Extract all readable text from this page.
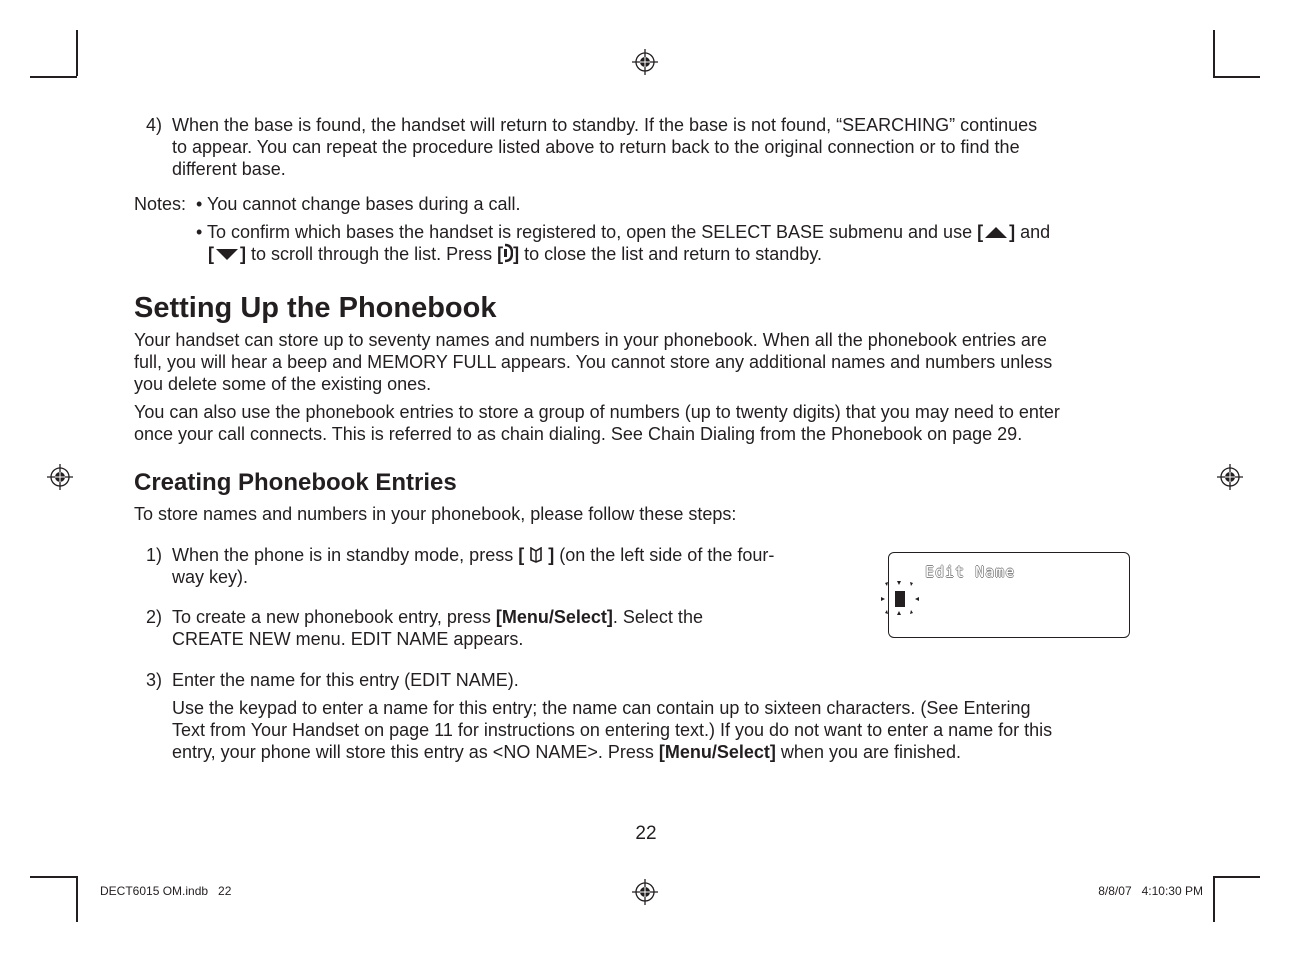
4) When the base is found, the handset will return to standby. If the base is not found, “SEARCHING” continues
to appear. You can repeat the procedure listed above to return back to the original connection or to find the
different base.
Notes: • You cannot change bases during a call.
• To confirm which bases the handset is registered to, open the SELECT BASE submenu and use [ ] and
[ ] to scroll through the list. Press [ ] to close the list and return to standby.
Setting Up the Phonebook
Your handset can store up to seventy names and numbers in your phonebook. When all the phonebook entries are
full, you will hear a beep and MEMORY FULL appears. You cannot store any additional names and numbers unless
you delete some of the existing ones.
You can also use the phonebook entries to store a group of numbers (up to twenty digits) that you may need to enter
once your call connects. This is referred to as chain dialing. See Chain Dialing from the Phonebook on page 29.
Creating Phonebook Entries
To store names and numbers in your phonebook, please follow these steps:
1) When the phone is in standby mode, press [  ] (on the left side of the four-
way key).
2) To create a new phonebook entry, press [Menu/Select]. Select the
CREATE NEW menu. EDIT NAME appears.
Edit Name
3) Enter the name for this entry (EDIT NAME).
Use the keypad to enter a name for this entry; the name can contain up to sixteen characters. (See Entering
Text from Your Handset on page 11 for instructions on entering text.) If you do not want to enter a name for this
entry, your phone will store this entry as <NO NAME>. Press [Menu/Select] when you are finished.
22
DECT6015 OM.indb   22	8/8/07   4:10:30 PM
